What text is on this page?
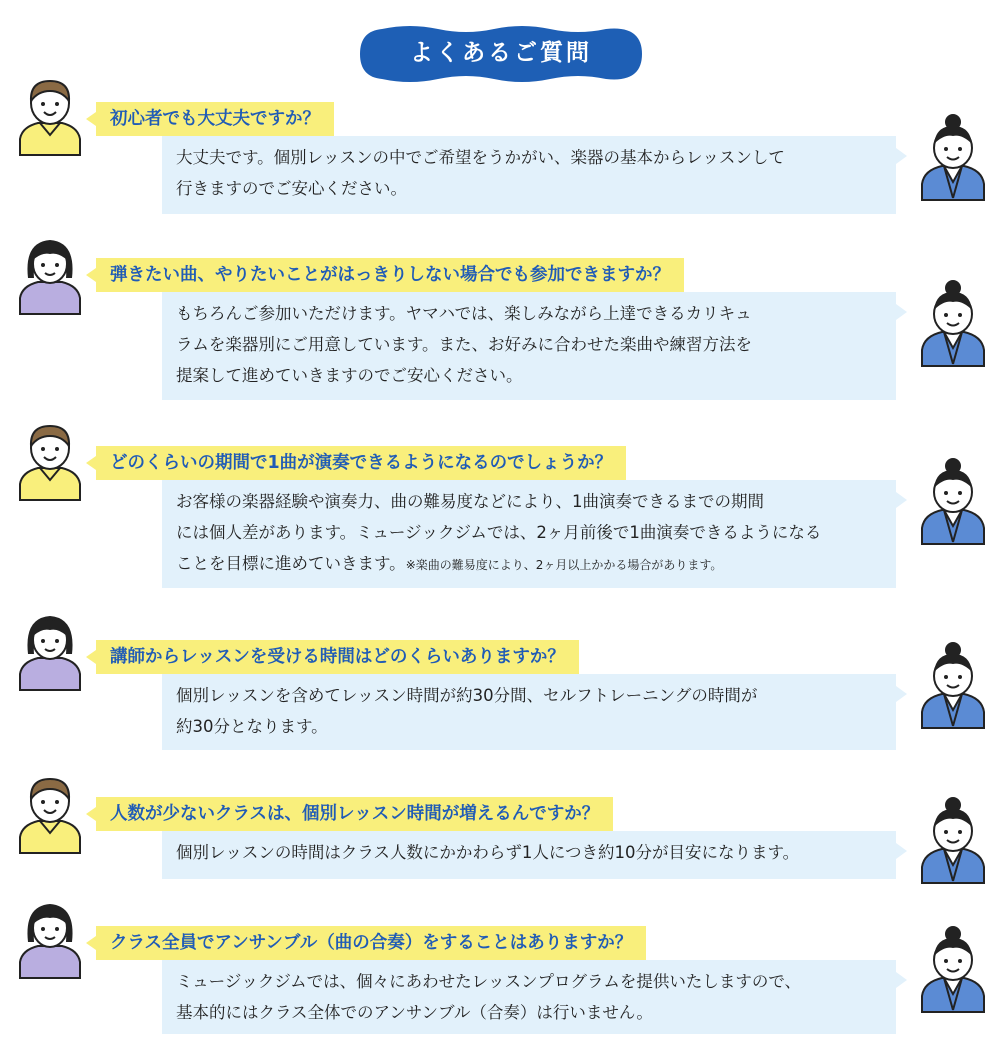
よくあるご質問
初心者でも大丈夫ですか？
大丈夫です。個別レッスンの中でご希望をうかがい、楽器の基本からレッスンして
行きますのでご安心ください。
弾きたい曲、やりたいことがはっきりしない場合でも参加できますか？
もちろんご参加いただけます。ヤマハでは、楽しみながら上達できるカリキュ
ラムを楽器別にご用意しています。また、お好みに合わせた楽曲や練習方法を
提案して進めていきますのでご安心ください。
どのくらいの期間で1曲が演奏できるようになるのでしょうか？
お客様の楽器経験や演奏力、曲の難易度などにより、1曲演奏できるまでの期間
には個人差があります。ミュージックジムでは、2ヶ月前後で1曲演奏できるようになる
ことを目標に進めていきます。※楽曲の難易度により、2ヶ月以上かかる場合があります。
講師からレッスンを受ける時間はどのくらいありますか？
個別レッスンを含めてレッスン時間が約30分間、セルフトレーニングの時間が
約30分となります。
人数が少ないクラスは、個別レッスン時間が増えるんですか？
個別レッスンの時間はクラス人数にかかわらず1人につき約10分が目安になります。
クラス全員でアンサンブル（曲の合奏）をすることはありますか？
ミュージックジムでは、個々にあわせたレッスンプログラムを提供いたしますので、
基本的にはクラス全体でのアンサンブル（合奏）は行いません。
